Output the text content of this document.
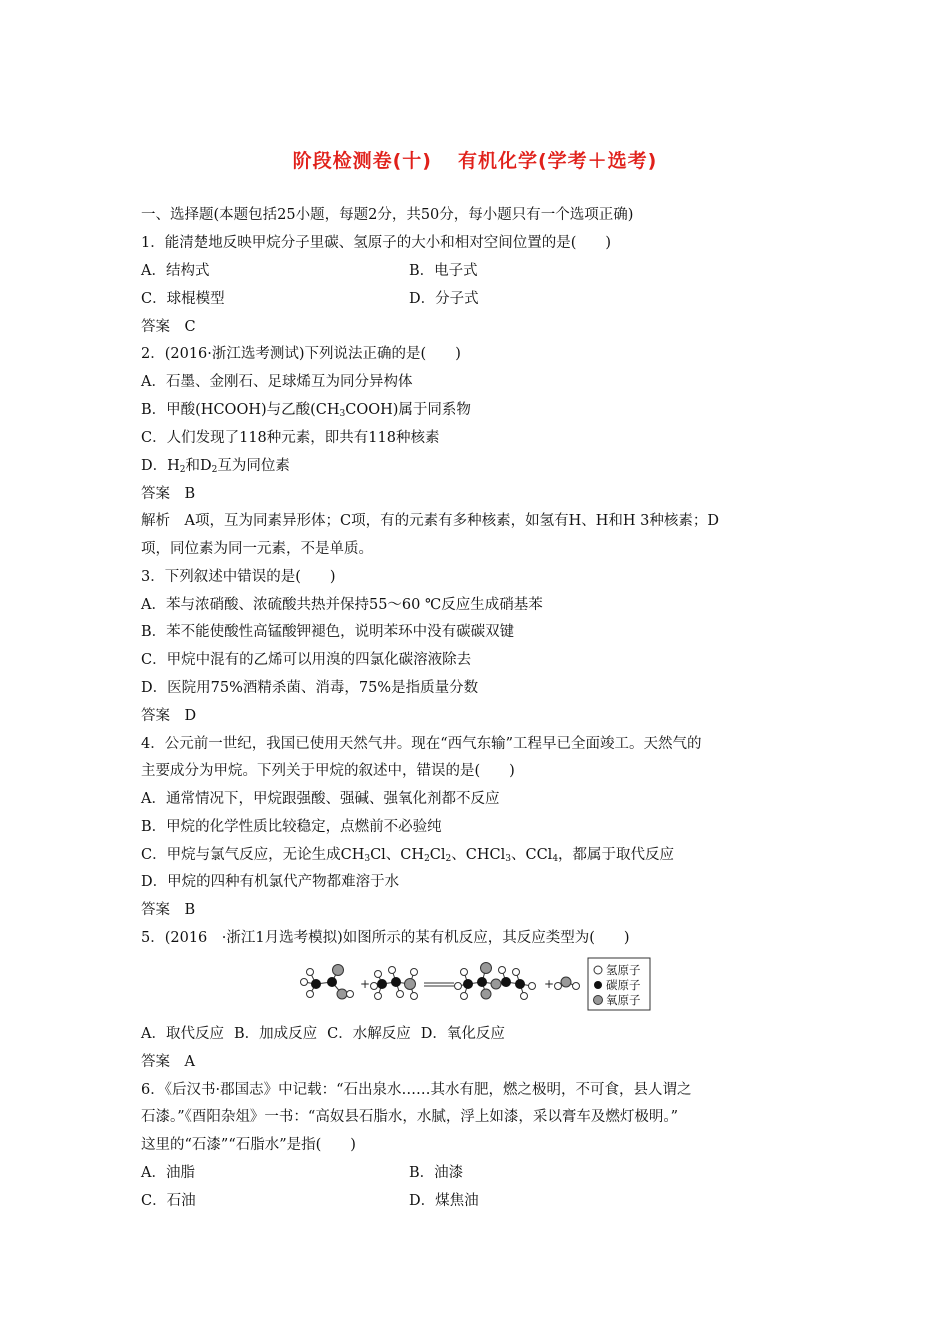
阶段检测卷(十) 有机化学(学考＋选考)
一、选择题(本题包括25小题，每题2分，共50分，每小题只有一个选项正确)
1．能清楚地反映甲烷分子里碳、氢原子的大小和相对空间位置的是(　　)
A．结构式	B．电子式
C．球棍模型	D．分子式
答案　C
2．(2016·浙江选考测试)下列说法正确的是(　　)
A．石墨、金刚石、足球烯互为同分异构体
B．甲酸(HCOOH)与乙酸$(CH_3COOH)$属于同系物
C．人们发现了118种元素，即共有118种核素
D．$H_2$和$D_2$互为同位素
答案　B
解析　A项，互为同素异形体；C项，有的元素有多种核素，如氢有H、H和H 3种核素；D
项，同位素为同一元素，不是单质。
3．下列叙述中错误的是(　　)
A．苯与浓硝酸、浓硫酸共热并保持55～60 ℃反应生成硝基苯
B．苯不能使酸性高锰酸钾褪色，说明苯环中没有碳碳双键
C．甲烷中混有的乙烯可以用溴的四氯化碳溶液除去
D．医院用75%酒精杀菌、消毒，75%是指质量分数
答案　D
4．公元前一世纪，我国已使用天然气井。现在“西气东输”工程早已全面竣工。天然气的
主要成分为甲烷。下列关于甲烷的叙述中，错误的是(　　)
A．通常情况下，甲烷跟强酸、强碱、强氧化剂都不反应
B．甲烷的化学性质比较稳定，点燃前不必验纯
C．甲烷与氯气反应，无论生成$CH_3Cl$、$CH_2Cl_2$、CHCl$_3$、CCl$_4$，都属于取代反应
D．甲烷的四种有机氯代产物都难溶于水
答案　B
5．(2016　·浙江1月选考模拟)如图所示的某有机反应，其反应类型为(　　)
+	+
氢原子
碳原子
氧原子
A．取代反应 B．加成反应 C．水解反应 D．氧化反应
答案　A
6．《后汉书·郡国志》中记载：“石出泉水……其水有肥，燃之极明，不可食，县人谓之
石漆。”《酉阳杂俎》一书：“高奴县石脂水，水腻，浮上如漆，采以膏车及燃灯极明。”
这里的“石漆”“石脂水”是指(　　)
A．油脂	B．油漆
C．石油	D．煤焦油
